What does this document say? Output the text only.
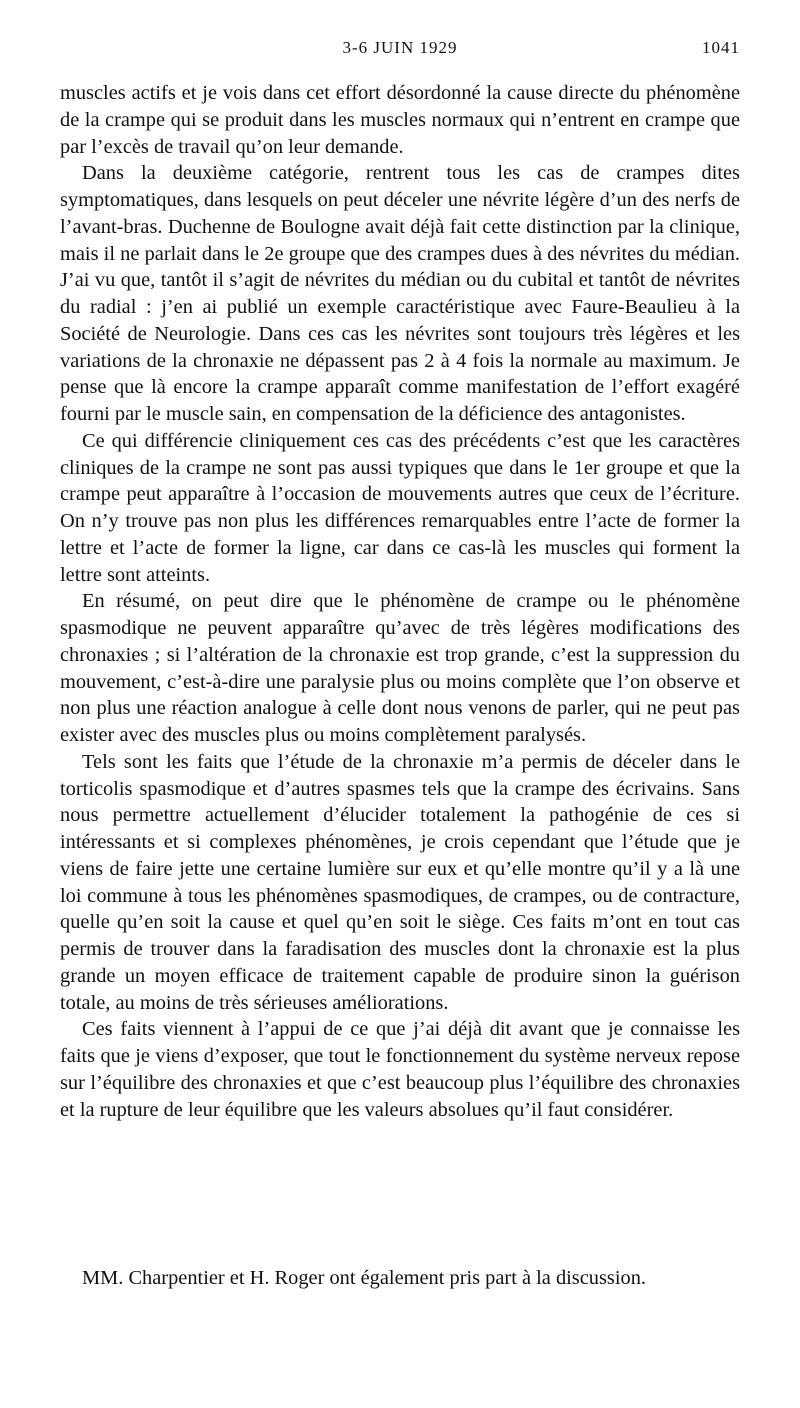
3-6 JUIN 1929	1041

muscles actifs et je vois dans cet effort désordonné la cause directe du phénomène de la crampe qui se produit dans les muscles normaux qui n’entrent en crampe que par l’excès de travail qu’on leur demande.

Dans la deuxième catégorie, rentrent tous les cas de crampes dites symptomatiques, dans lesquels on peut déceler une névrite légère d’un des nerfs de l’avant-bras. Duchenne de Boulogne avait déjà fait cette distinction par la clinique, mais il ne parlait dans le 2e groupe que des crampes dues à des névrites du médian. J’ai vu que, tantôt il s’agit de névrites du médian ou du cubital et tantôt de névrites du radial : j’en ai publié un exemple caractéristique avec Faure-Beaulieu à la Société de Neurologie. Dans ces cas les névrites sont toujours très légères et les variations de la chronaxie ne dépassent pas 2 à 4 fois la normale au maximum. Je pense que là encore la crampe apparaît comme manifestation de l’effort exagéré fourni par le muscle sain, en compensation de la déficience des antagonistes.

Ce qui différencie cliniquement ces cas des précédents c’est que les caractères cliniques de la crampe ne sont pas aussi typiques que dans le 1er groupe et que la crampe peut apparaître à l’occasion de mouvements autres que ceux de l’écriture. On n’y trouve pas non plus les différences remarquables entre l’acte de former la lettre et l’acte de former la ligne, car dans ce cas-là les muscles qui forment la lettre sont atteints.

En résumé, on peut dire que le phénomène de crampe ou le phénomène spasmodique ne peuvent apparaître qu’avec de très légères modifications des chronaxies ; si l’altération de la chronaxie est trop grande, c’est la suppression du mouvement, c’est-à-dire une paralysie plus ou moins complète que l’on observe et non plus une réaction analogue à celle dont nous venons de parler, qui ne peut pas exister avec des muscles plus ou moins complètement paralysés.

Tels sont les faits que l’étude de la chronaxie m’a permis de déceler dans le torticolis spasmodique et d’autres spasmes tels que la crampe des écrivains. Sans nous permettre actuellement d’élucider totalement la pathogénie de ces si intéressants et si complexes phénomènes, je crois cependant que l’étude que je viens de faire jette une certaine lumière sur eux et qu’elle montre qu’il y a là une loi commune à tous les phénomènes spasmodiques, de crampes, ou de contracture, quelle qu’en soit la cause et quel qu’en soit le siège. Ces faits m’ont en tout cas permis de trouver dans la faradisation des muscles dont la chronaxie est la plus grande un moyen efficace de traitement capable de produire sinon la guérison totale, au moins de très sérieuses améliorations.

Ces faits viennent à l’appui de ce que j’ai déjà dit avant que je connaisse les faits que je viens d’exposer, que tout le fonctionnement du système nerveux repose sur l’équilibre des chronaxies et que c’est beaucoup plus l’équilibre des chronaxies et la rupture de leur équilibre que les valeurs absolues qu’il faut considérer.

MM. Charpentier et H. Roger ont également pris part à la discussion.
